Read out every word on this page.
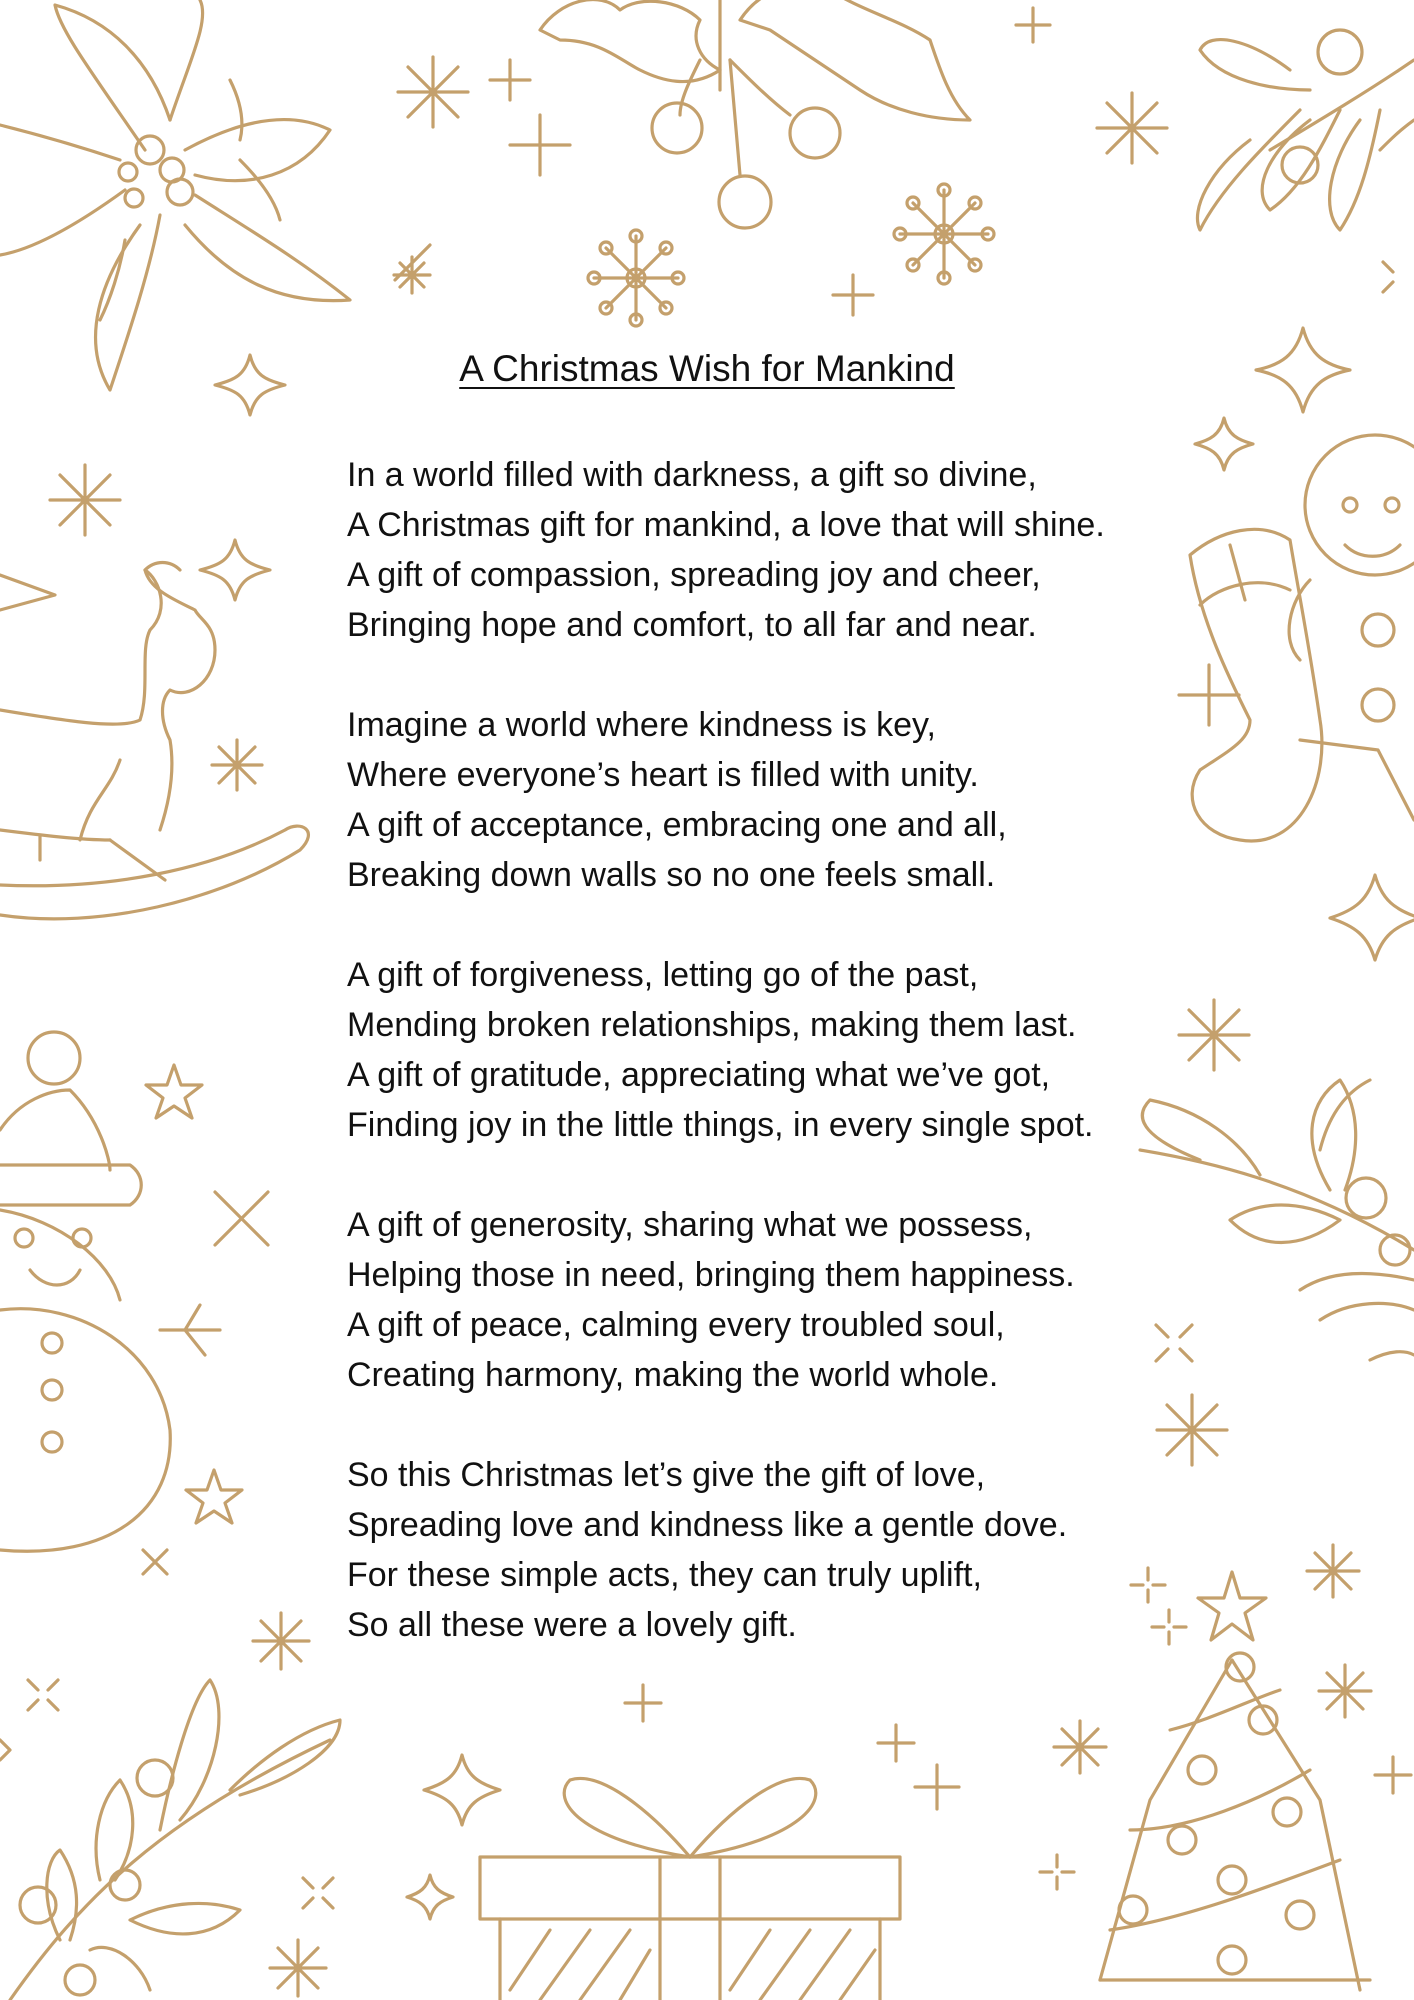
A Christmas Wish for Mankind
In a world filled with darkness, a gift so divine,
A Christmas gift for mankind, a love that will shine.
A gift of compassion, spreading joy and cheer,
Bringing hope and comfort, to all far and near.
Imagine a world where kindness is key,
Where everyone’s heart is filled with unity.
A gift of acceptance, embracing one and all,
Breaking down walls so no one feels small.
A gift of forgiveness, letting go of the past,
Mending broken relationships, making them last.
A gift of gratitude, appreciating what we’ve got,
Finding joy in the little things, in every single spot.
A gift of generosity, sharing what we possess,
Helping those in need, bringing them happiness.
A gift of peace, calming every troubled soul,
Creating harmony, making the world whole.
So this Christmas let’s give the gift of love,
Spreading love and kindness like a gentle dove.
For these simple acts, they can truly uplift,
So all these were a lovely gift.
